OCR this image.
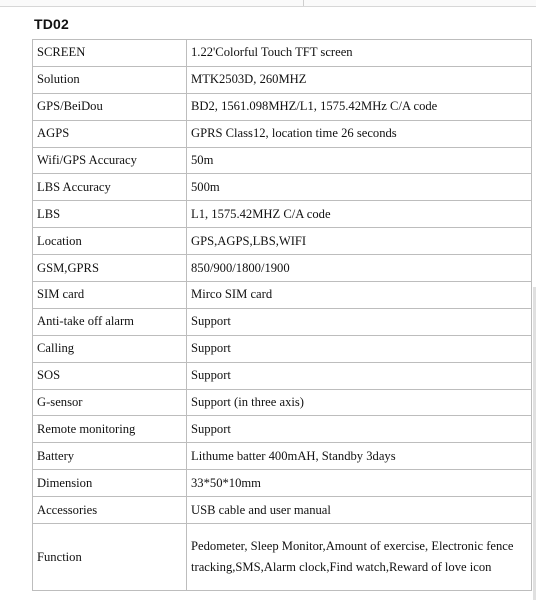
TD02
SCREEN	1.22'Colorful Touch TFT screen
Solution	MTK2503D, 260MHZ
GPS/BeiDou	BD2, 1561.098MHZ/L1, 1575.42MHz C/A code
AGPS	GPRS Class12, location time 26 seconds
Wifi/GPS Accuracy	50m
LBS Accuracy	500m
LBS	L1, 1575.42MHZ C/A code
Location	GPS,AGPS,LBS,WIFI
GSM,GPRS	850/900/1800/1900
SIM card	Mirco SIM card
Anti-take off alarm	Support
Calling	Support
SOS	Support
G-sensor	Support (in three axis)
Remote monitoring	Support
Battery	Lithume batter 400mAH, Standby 3days
Dimension	33*50*10mm
Accessories	USB cable and user manual
Function	Pedometer, Sleep Monitor,Amount of exercise, Electronic fence tracking,SMS,Alarm clock,Find watch,Reward of love icon
